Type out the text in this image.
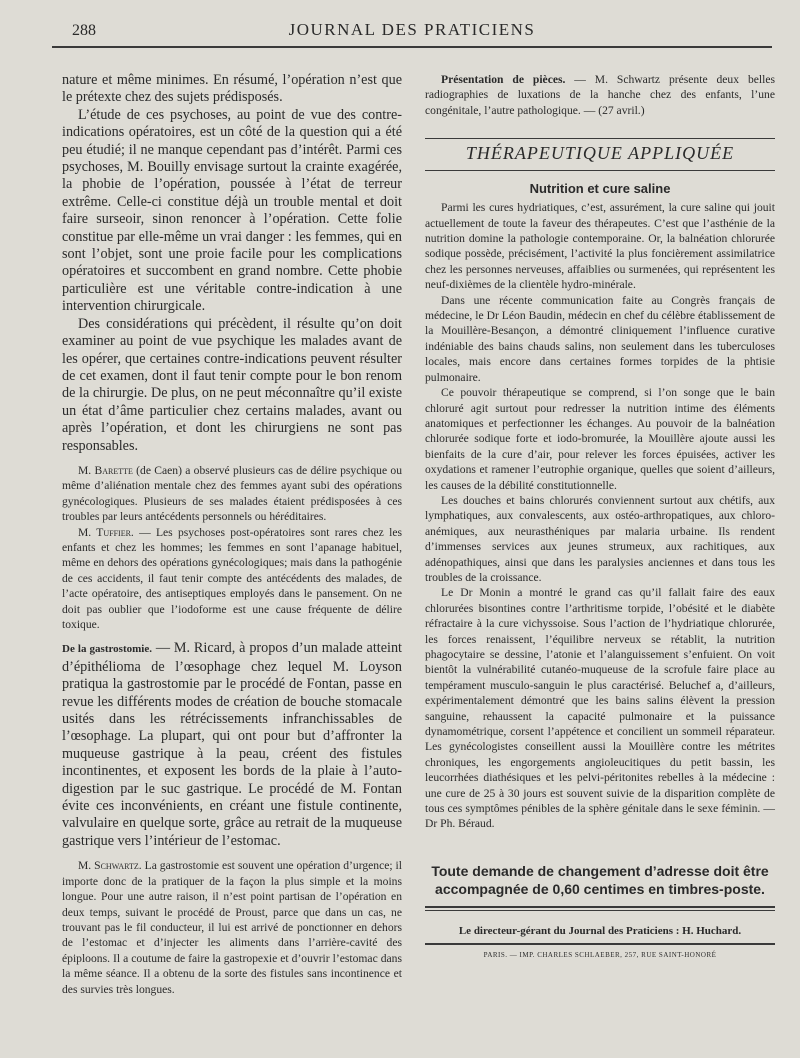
288	JOURNAL DES PRATICIENS

nature et même minimes. En résumé, l’opération n’est que le prétexte chez des sujets prédisposés.

L’étude de ces psychoses, au point de vue des contre-indications opératoires, est un côté de la question qui a été peu étudié; il ne manque cependant pas d’intérêt. Parmi ces psychoses, M. Bouilly envisage surtout la crainte exagérée, la phobie de l’opération, poussée à l’état de terreur extrême. Celle-ci constitue déjà un trouble mental et doit faire surseoir, sinon renoncer à l’opération. Cette folie constitue par elle-même un vrai danger : les femmes, qui en sont l’objet, sont une proie facile pour les complications opératoires et succombent en grand nombre. Cette phobie particulière est une véritable contre-indication à une intervention chirurgicale.

Des considérations qui précèdent, il résulte qu’on doit examiner au point de vue psychique les malades avant de les opérer, que certaines contre-indications peuvent résulter de cet examen, dont il faut tenir compte pour le bon renom de la chirurgie. De plus, on ne peut méconnaître qu’il existe un état d’âme particulier chez certains malades, avant ou après l’opération, et dont les chirurgiens ne sont pas responsables.

M. Barette (de Caen) a observé plusieurs cas de délire psychique ou même d’aliénation mentale chez des femmes ayant subi des opérations gynécologiques. Plusieurs de ses malades étaient prédisposées à ces troubles par leurs antécédents personnels ou héréditaires.

M. Tuffier. — Les psychoses post-opératoires sont rares chez les enfants et chez les hommes; les femmes en sont l’apanage habituel, même en dehors des opérations gynécologiques; mais dans la pathogénie de ces accidents, il faut tenir compte des antécédents des malades, de l’acte opératoire, des antiseptiques employés dans le pansement. On ne doit pas oublier que l’iodoforme est une cause fréquente de délire toxique.

De la gastrostomie. — M. Ricard, à propos d’un malade atteint d’épithélioma de l’œsophage chez lequel M. Loyson pratiqua la gastrostomie par le procédé de Fontan, passe en revue les différents modes de création de bouche stomacale usités dans les rétrécissements infranchissables de l’œsophage. La plupart, qui ont pour but d’affronter la muqueuse gastrique à la peau, créent des fistules incontinentes, et exposent les bords de la plaie à l’auto-digestion par le suc gastrique. Le procédé de M. Fontan évite ces inconvénients, en créant une fistule continente, valvulaire en quelque sorte, grâce au retrait de la muqueuse gastrique vers l’intérieur de l’estomac.

M. Schwartz. La gastrostomie est souvent une opération d’urgence; il importe donc de la pratiquer de la façon la plus simple et la moins longue. Pour une autre raison, il n’est point partisan de l’opération en deux temps, suivant le procédé de Proust, parce que dans un cas, ne trouvant pas le fil conducteur, il lui est arrivé de ponctionner en dehors de l’estomac et d’injecter les aliments dans l’arrière-cavité des épiploons. Il a coutume de faire la gastropexie et d’ouvrir l’estomac dans la même séance. Il a obtenu de la sorte des fistules sans incontinence et des survies très longues.

Présentation de pièces. — M. Schwartz présente deux belles radiographies de luxations de la hanche chez des enfants, l’une congénitale, l’autre pathologique. — (27 avril.)

THÉRAPEUTIQUE APPLIQUÉE
Nutrition et cure saline

Parmi les cures hydriatiques, c’est, assurément, la cure saline qui jouit actuellement de toute la faveur des thérapeutes. C’est que l’asthénie de la nutrition domine la pathologie contemporaine. Or, la balnéation chlorurée sodique possède, précisément, l’activité la plus foncièrement assimilatrice chez les personnes nerveuses, affaiblies ou surmenées, qui représentent les neuf-dixièmes de la clientèle hydro-minérale.

Dans une récente communication faite au Congrès français de médecine, le Dr Léon Baudin, médecin en chef du célèbre établissement de la Mouillère-Besançon, a démontré cliniquement l’influence curative indéniable des bains chauds salins, non seulement dans les tuberculoses locales, mais encore dans certaines formes torpides de la phtisie pulmonaire.

Ce pouvoir thérapeutique se comprend, si l’on songe que le bain chloruré agit surtout pour redresser la nutrition intime des éléments anatomiques et perfectionner les échanges. Au pouvoir de la balnéation chlorurée sodique forte et iodo-bromurée, la Mouillère ajoute aussi les bienfaits de la cure d’air, pour relever les forces épuisées, activer les oxydations et ramener l’eutrophie organique, quelles que soient d’ailleurs, les causes de la débilité constitutionnelle.

Les douches et bains chlorurés conviennent surtout aux chétifs, aux lymphatiques, aux convalescents, aux ostéo-arthropatiques, aux chloro-anémiques, aux neurasthéniques par malaria urbaine. Ils rendent d’immenses services aux jeunes strumeux, aux rachitiques, aux adénopathiques, ainsi que dans les paralysies anciennes et dans tous les troubles de la croissance.

Le Dr Monin a montré le grand cas qu’il fallait faire des eaux chlorurées bisontines contre l’arthritisme torpide, l’obésité et le diabète réfractaire à la cure vichyssoise. Sous l’action de l’hydriatique chlorurée, les forces renaissent, l’équilibre nerveux se rétablit, la nutrition phagocytaire se dessine, l’atonie et l’alanguissement s’enfuient. On voit bientôt la vulnérabilité cutanéo-muqueuse de la scrofule faire place au tempérament musculo-sanguin le plus caractérisé. Beluchef a, d’ailleurs, expérimentalement démontré que les bains salins élèvent la pression sanguine, rehaussent la capacité pulmonaire et la puissance dynamométrique, corsent l’appétence et concilient un sommeil réparateur. Les gynécologistes conseillent aussi la Mouillère contre les métrites chroniques, les engorgements angioleucitiques du petit bassin, les leucorrhées diathésiques et les pelvi-péritonites rebelles à la médecine : une cure de 25 à 30 jours est souvent suivie de la disparition complète de tous ces symptômes pénibles de la sphère génitale dans le sexe féminin. — Dr Ph. Béraud.

Toute demande de changement d’adresse doit être accompagnée de 0,60 centimes en timbres-poste.
Le directeur-gérant du Journal des Praticiens : H. Huchard.
PARIS. — IMP. CHARLES SCHLAEBER, 257, RUE SAINT-HONORÉ
